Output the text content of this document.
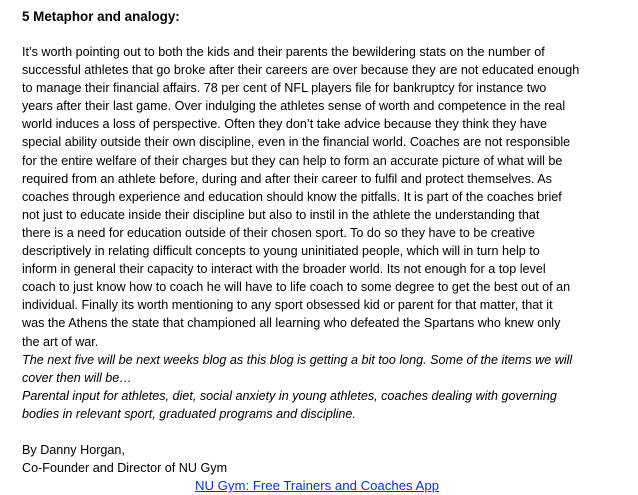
5 Metaphor and analogy:
It’s worth pointing out to both the kids and their parents the bewildering stats on the number of
successful athletes that go broke after their careers are over because they are not educated enough
to manage their financial affairs. 78 per cent of NFL players file for bankruptcy for instance two
years after their last game. Over indulging the athletes sense of worth and competence in the real
world induces a loss of perspective. Often they don’t take advice because they think they have
special ability outside their own discipline, even in the financial world. Coaches are not responsible
for the entire welfare of their charges but they can help to form an accurate picture of what will be
required from an athlete before, during and after their career to fulfil and protect themselves. As
coaches through experience and education should know the pitfalls. It is part of the coaches brief
not just to educate inside their discipline but also to instil in the athlete the understanding that
there is a need for education outside of their chosen sport. To do so they have to be creative
descriptively in relating difficult concepts to young uninitiated people, which will in turn help to
inform in general their capacity to interact with the broader world. Its not enough for a top level
coach to just know how to coach he will have to life coach to some degree to get the best out of an
individual. Finally its worth mentioning to any sport obsessed kid or parent for that matter, that it
was the Athens the state that championed all learning who defeated the Spartans who knew only
the art of war.
The next five will be next weeks blog as this blog is getting a bit too long. Some of the items we will
cover then will be…
Parental input for athletes, diet, social anxiety in young athletes, coaches dealing with governing
bodies in relevant sport, graduated programs and discipline.
By Danny Horgan,
Co-Founder and Director of NU Gym
NU Gym: Free Trainers and Coaches App
